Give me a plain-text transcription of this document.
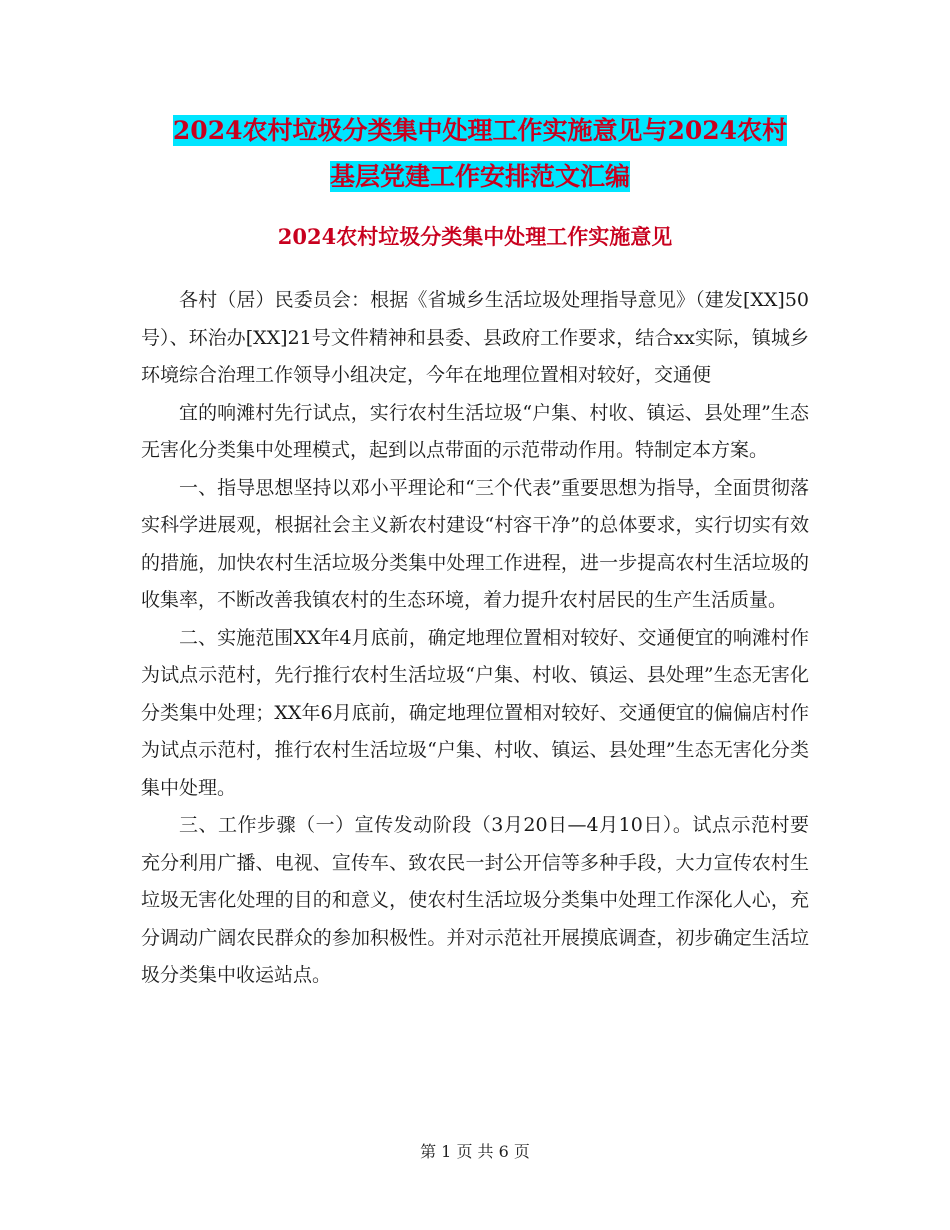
2024农村垃圾分类集中处理工作实施意见与2024农村
基层党建工作安排范文汇编
2024农村垃圾分类集中处理工作实施意见

各村（居）民委员会：根据《省城乡生活垃圾处理指导意见》（建发[XX]50号）、环治办[XX]21号文件精神和县委、县政府工作要求，结合xx实际，镇城乡环境综合治理工作领导小组决定，今年在地理位置相对较好，交通便

宜的响滩村先行试点，实行农村生活垃圾“户集、村收、镇运、县处理”生态无害化分类集中处理模式，起到以点带面的示范带动作用。特制定本方案。

一、指导思想坚持以邓小平理论和“三个代表”重要思想为指导，全面贯彻落实科学进展观，根据社会主义新农村建设“村容干净”的总体要求，实行切实有效的措施，加快农村生活垃圾分类集中处理工作进程，进一步提高农村生活垃圾的收集率，不断改善我镇农村的生态环境，着力提升农村居民的生产生活质量。

二、实施范围XX年4月底前，确定地理位置相对较好、交通便宜的响滩村作为试点示范村，先行推行农村生活垃圾“户集、村收、镇运、县处理”生态无害化分类集中处理；XX年6月底前，确定地理位置相对较好、交通便宜的偏偏店村作为试点示范村，推行农村生活垃圾“户集、村收、镇运、县处理”生态无害化分类集中处理。

三、工作步骤（一）宣传发动阶段（3月20日—4月10日）。试点示范村要充分利用广播、电视、宣传车、致农民一封公开信等多种手段，大力宣传农村生垃圾无害化处理的目的和意义，使农村生活垃圾分类集中处理工作深化人心，充分调动广阔农民群众的参加积极性。并对示范社开展摸底调查，初步确定生活垃圾分类集中收运站点。

第 1 页 共 6 页
